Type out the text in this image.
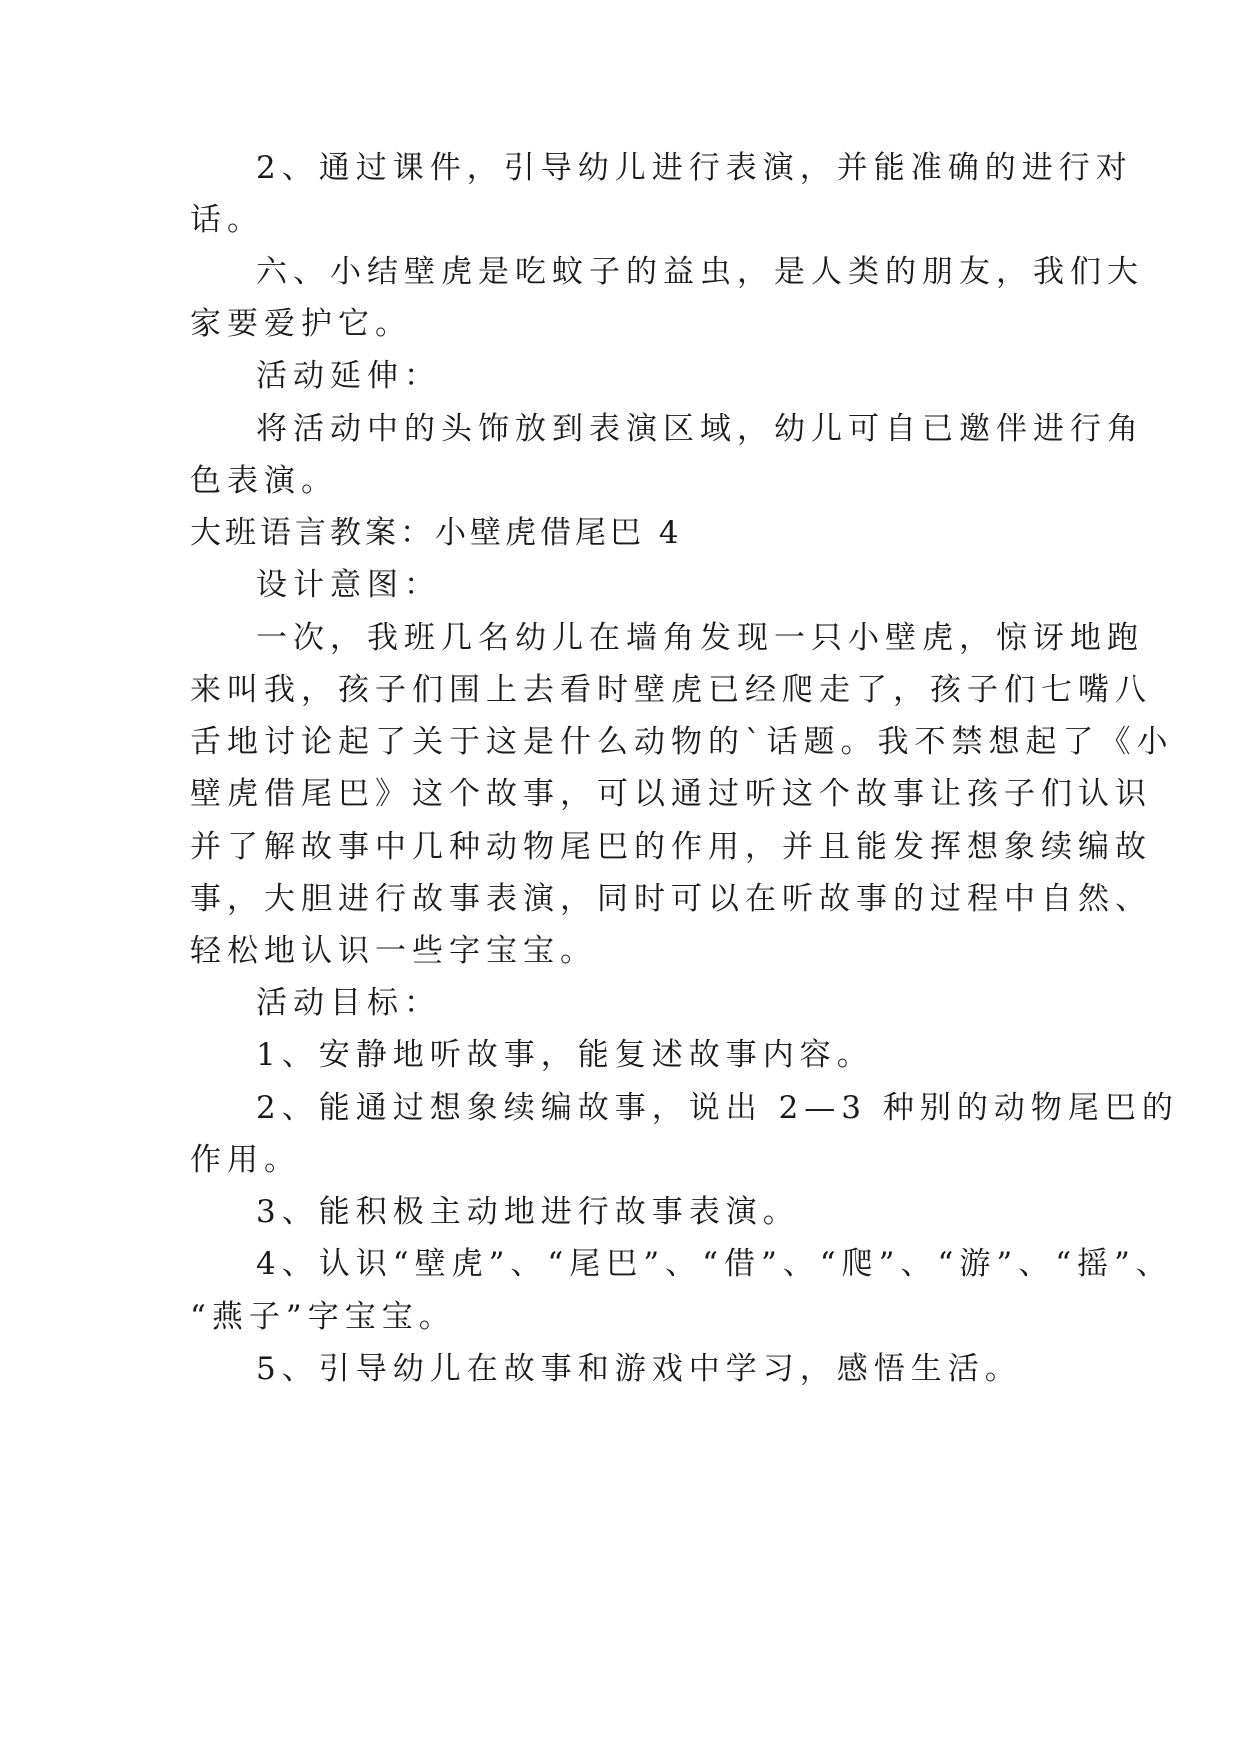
2、通过课件，引导幼儿进行表演，并能准确的进行对
话。
六、小结壁虎是吃蚊子的益虫，是人类的朋友，我们大
家要爱护它。
活动延伸：
将活动中的头饰放到表演区域，幼儿可自已邀伴进行角
色表演。
大班语言教案：小壁虎借尾巴 4
设计意图：
一次，我班几名幼儿在墙角发现一只小壁虎，惊讶地跑
来叫我，孩子们围上去看时壁虎已经爬走了，孩子们七嘴八
舌地讨论起了关于这是什么动物的`话题。我不禁想起了《小
壁虎借尾巴》这个故事，可以通过听这个故事让孩子们认识
并了解故事中几种动物尾巴的作用，并且能发挥想象续编故
事，大胆进行故事表演，同时可以在听故事的过程中自然、
轻松地认识一些字宝宝。
活动目标：
1、安静地听故事，能复述故事内容。
2、能通过想象续编故事，说出 2—3 种别的动物尾巴的
作用。
3、能积极主动地进行故事表演。
4、认识“壁虎”、“尾巴”、“借”、“爬”、“游”、“摇”、
“燕子”字宝宝。
5、引导幼儿在故事和游戏中学习，感悟生活。
